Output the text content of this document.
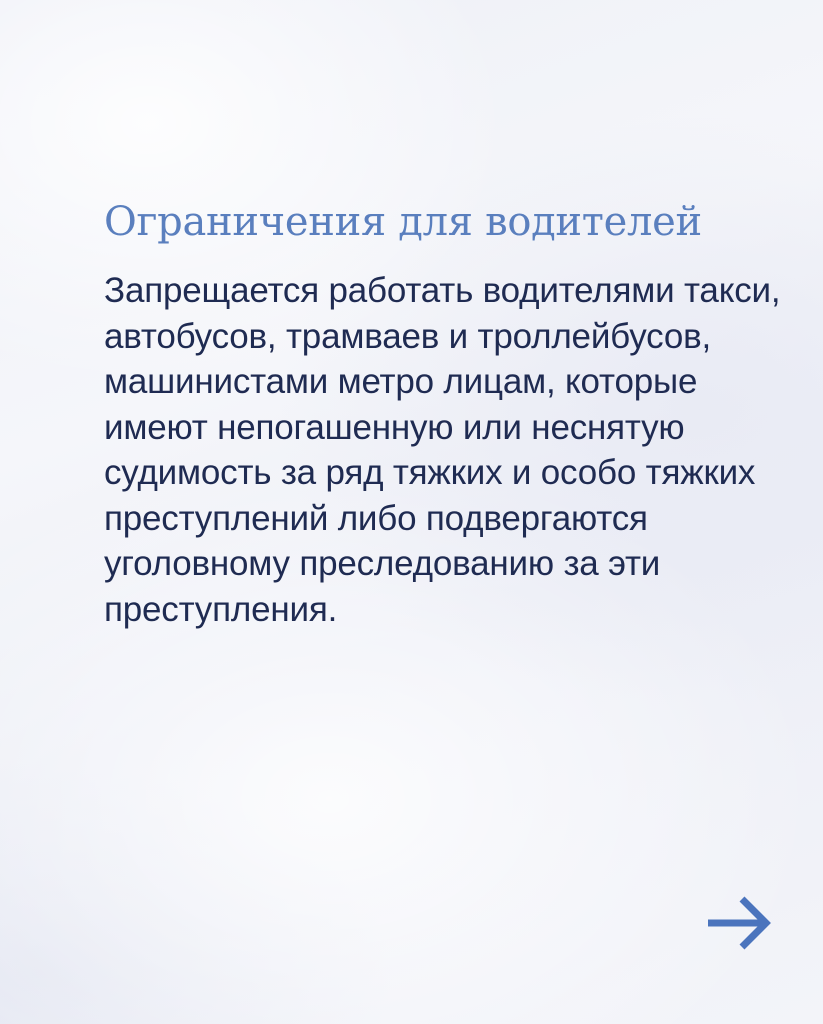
Ограничения для водителей

Запрещается работать водителями такси, автобусов, трамваев и троллейбусов, машинистами метро лицам, которые имеют непогашенную или неснятую судимость за ряд тяжких и особо тяжких преступлений либо подвергаются уголовному преследованию за эти преступления.
